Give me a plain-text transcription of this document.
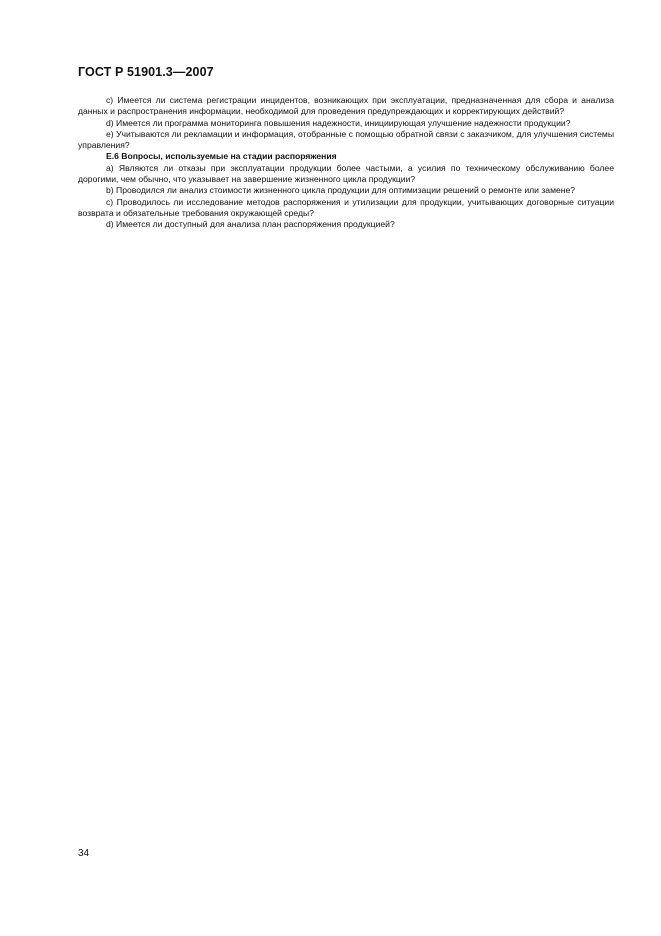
ГОСТ Р 51901.3—2007

c) Имеется ли система регистрации инцидентов, возникающих при эксплуатации, предназначенная для сбора и анализа данных и распространения информации, необходимой для проведения предупреждающих и корректирующих действий?

d) Имеется ли программа мониторинга повышения надежности, инициирующая улучшение надежности продукции?

e) Учитываются ли рекламации и информация, отобранные с помощью обратной связи с заказчиком, для улучшения системы управления?

Е.6 Вопросы, используемые на стадии распоряжения

a) Являются ли отказы при эксплуатации продукции более частыми, а усилия по техническому обслуживанию более дорогими, чем обычно, что указывает на завершение жизненного цикла продукции?

b) Проводился ли анализ стоимости жизненного цикла продукции для оптимизации решений о ремонте или замене?

c) Проводилось ли исследование методов распоряжения и утилизации для продукции, учитывающих договорные ситуации возврата и обязательные требования окружающей среды?

d) Имеется ли доступный для анализа план распоряжения продукцией?

34
